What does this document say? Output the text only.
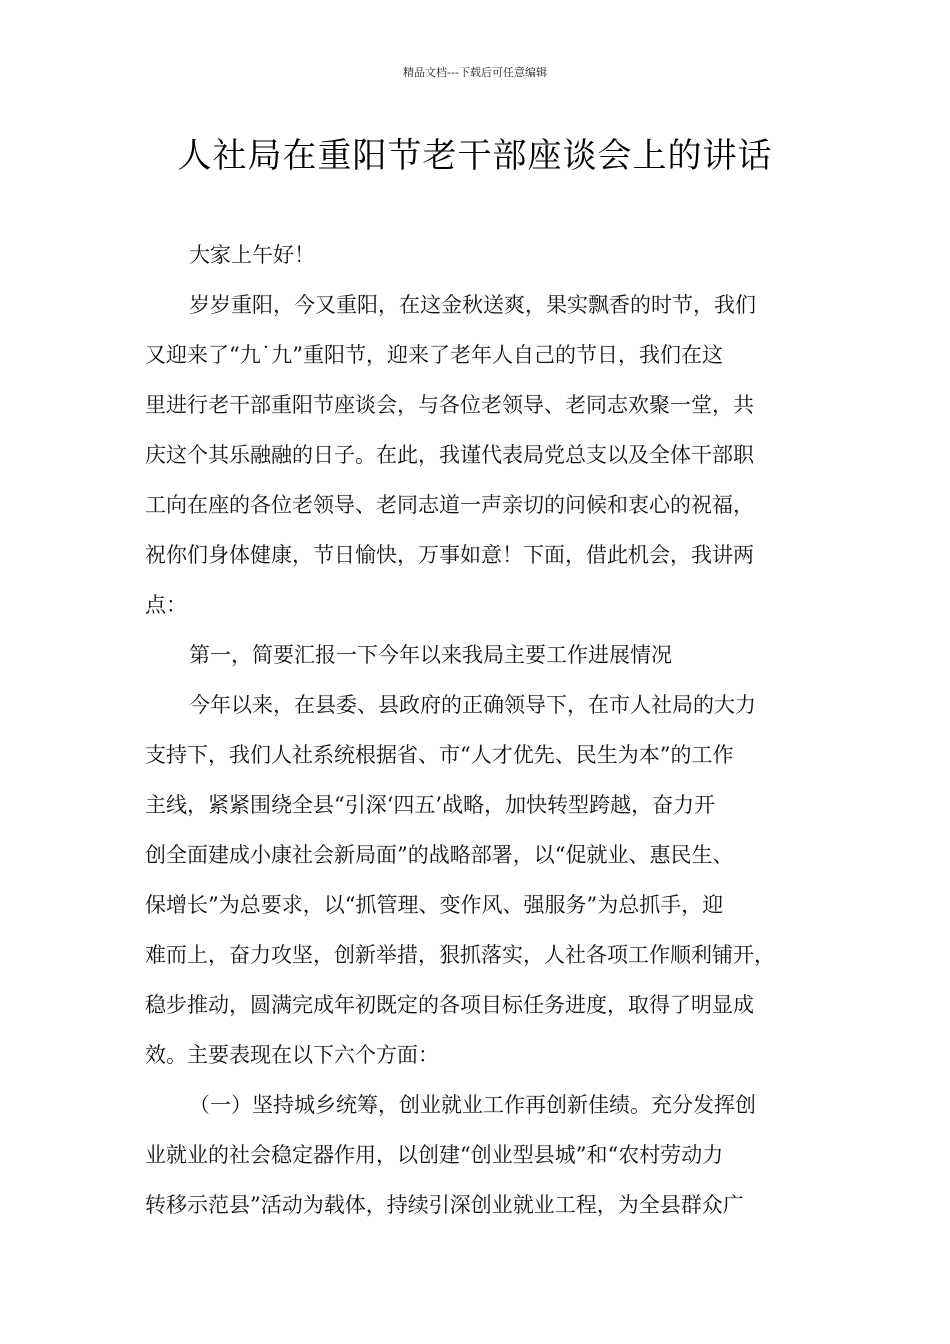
精品文档---下载后可任意编辑
人社局在重阳节老干部座谈会上的讲话
大家上午好！
岁岁重阳，今又重阳，在这金秋送爽，果实飘香的时节，我们
又迎来了“九˙九”重阳节，迎来了老年人自己的节日，我们在这
里进行老干部重阳节座谈会，与各位老领导、老同志欢聚一堂，共
庆这个其乐融融的日子。在此，我谨代表局党总支以及全体干部职
工向在座的各位老领导、老同志道一声亲切的问候和衷心的祝福，
祝你们身体健康，节日愉快，万事如意！下面，借此机会，我讲两
点：
第一，简要汇报一下今年以来我局主要工作进展情况
今年以来，在县委、县政府的正确领导下，在市人社局的大力
支持下，我们人社系统根据省、市“人才优先、民生为本”的工作
主线，紧紧围绕全县“引深‘四五’战略，加快转型跨越，奋力开
创全面建成小康社会新局面”的战略部署，以“促就业、惠民生、
保增长”为总要求，以“抓管理、变作风、强服务”为总抓手，迎
难而上，奋力攻坚，创新举措，狠抓落实，人社各项工作顺利铺开，
稳步推动，圆满完成年初既定的各项目标任务进度，取得了明显成
效。主要表现在以下六个方面：
（一）坚持城乡统筹，创业就业工作再创新佳绩。充分发挥创
业就业的社会稳定器作用，以创建“创业型县城”和“农村劳动力
转移示范县”活动为载体，持续引深创业就业工程，为全县群众广
